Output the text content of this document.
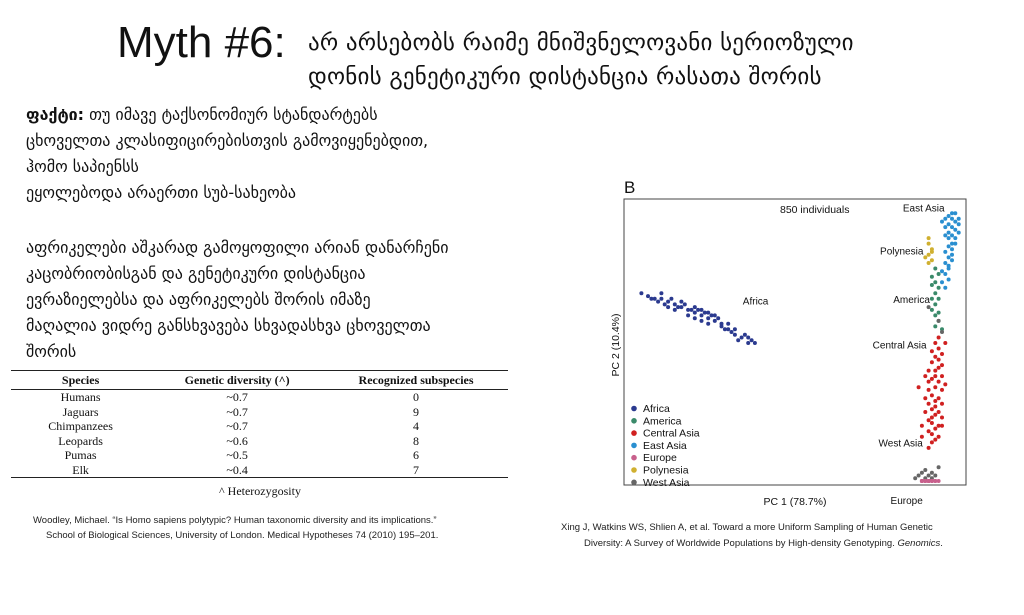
Myth #6: არ არსებობს რაიმე მნიშვნელოვანი სერიოზული
დონის გენეტიკური დისტანცია რასათა შორის
ფაქტი: თუ იმავე ტაქსონომიურ სტანდარტებს
ცხოველთა კლასიფიცირებისთვის გამოვიყენებდით,
ჰომო საპიენსს
ეყოლებოდა არაერთი სუბ-სახეობა
აფრიკელები აშკარად გამოყოფილი არიან დანარჩენი
კაცობრიობისგან და გენეტიკური დისტანცია
ევრაზიელებსა და აფრიკელებს შორის იმაზე
მაღალია ვიდრე განსხვავება სხვადასხვა ცხოველთა
შორის
Species	Genetic diversity (^)	Recognized subspecies
Humans	~0.7	0
Jaguars	~0.7	9
Chimpanzees	~0.7	4
Leopards	~0.6	8
Pumas	~0.5	6
Elk	~0.4	7
^ Heterozygosity
Woodley, Michael. “Is Homo sapiens polytypic? Human taxonomic diversity and its implications.”
School of Biological Sciences, University of London. Medical Hypotheses 74 (2010) 195–201.
Xing J, Watkins WS, Shlien A, et al. Toward a more Uniform Sampling of Human Genetic
Diversity: A Survey of Worldwide Populations by High-density Genotyping. Genomics.
B
850 individuals
Africa
East Asia
Polynesia
America
Central Asia
West Asia
Europe
Africa
America
Central Asia
East Asia
Europe
Polynesia
West Asia
PC 1 (78.7%)
PC 2 (10.4%)
